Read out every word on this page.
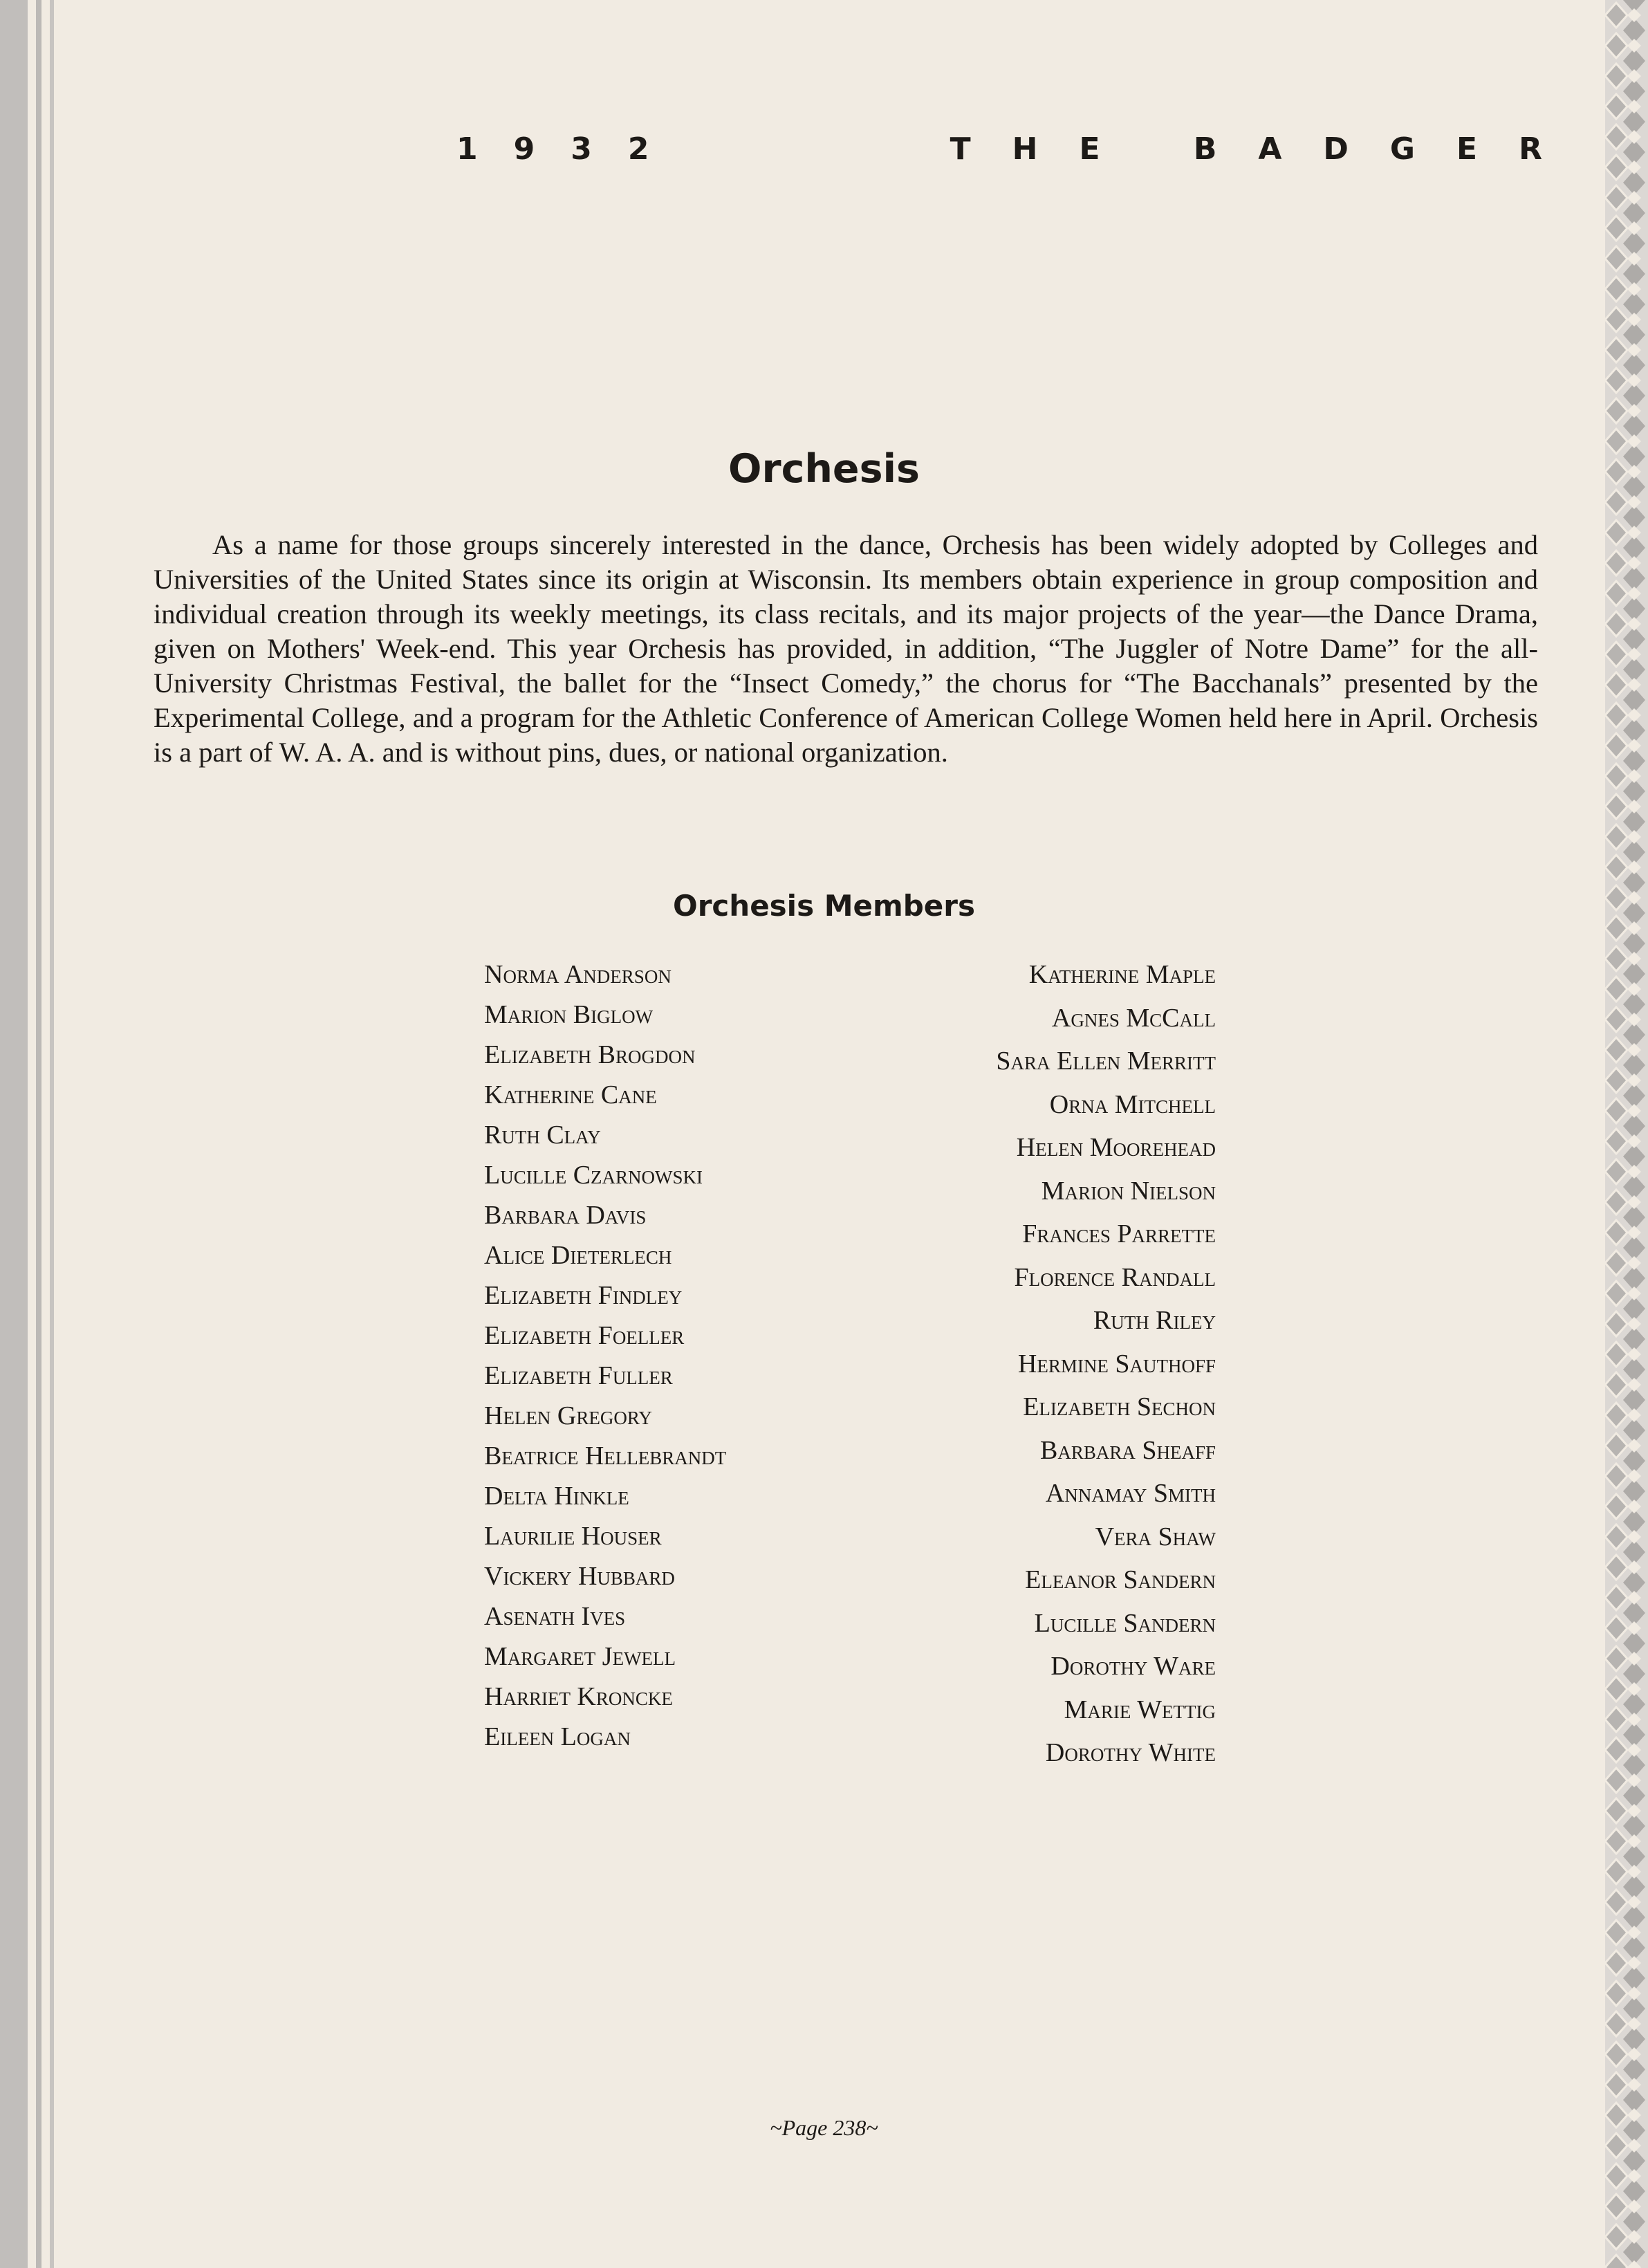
1932	THE BADGER
Orchesis

As a name for those groups sincerely interested in the dance, Orchesis has been widely adopted by Colleges and Universities of the United States since its origin at Wisconsin. Its members obtain experience in group composition and individual creation through its weekly meetings, its class recitals, and its major projects of the year—the Dance Drama, given on Mothers' Week-end. This year Orchesis has provided, in addition, “The Juggler of Notre Dame” for the all-University Christmas Festival, the ballet for the “Insect Comedy,” the chorus for “The Bacchanals” presented by the Experimental College, and a program for the Athletic Conference of American College Women held here in April. Orchesis is a part of W. A. A. and is without pins, dues, or national organization.

Orchesis Members
Norma Anderson
Marion Biglow
Elizabeth Brogdon
Katherine Cane
Ruth Clay
Lucille Czarnowski
Barbara Davis
Alice Dieterlech
Elizabeth Findley
Elizabeth Foeller
Elizabeth Fuller
Helen Gregory
Beatrice Hellebrandt
Delta Hinkle
Laurilie Houser
Vickery Hubbard
Asenath Ives
Margaret Jewell
Harriet Kroncke
Eileen Logan
Katherine Maple
Agnes McCall
Sara Ellen Merritt
Orna Mitchell
Helen Moorehead
Marion Nielson
Frances Parrette
Florence Randall
Ruth Riley
Hermine Sauthoff
Elizabeth Sechon
Barbara Sheaff
Annamay Smith
Vera Shaw
Eleanor Sandern
Lucille Sandern
Dorothy Ware
Marie Wettig
Dorothy White
~Page 238~
